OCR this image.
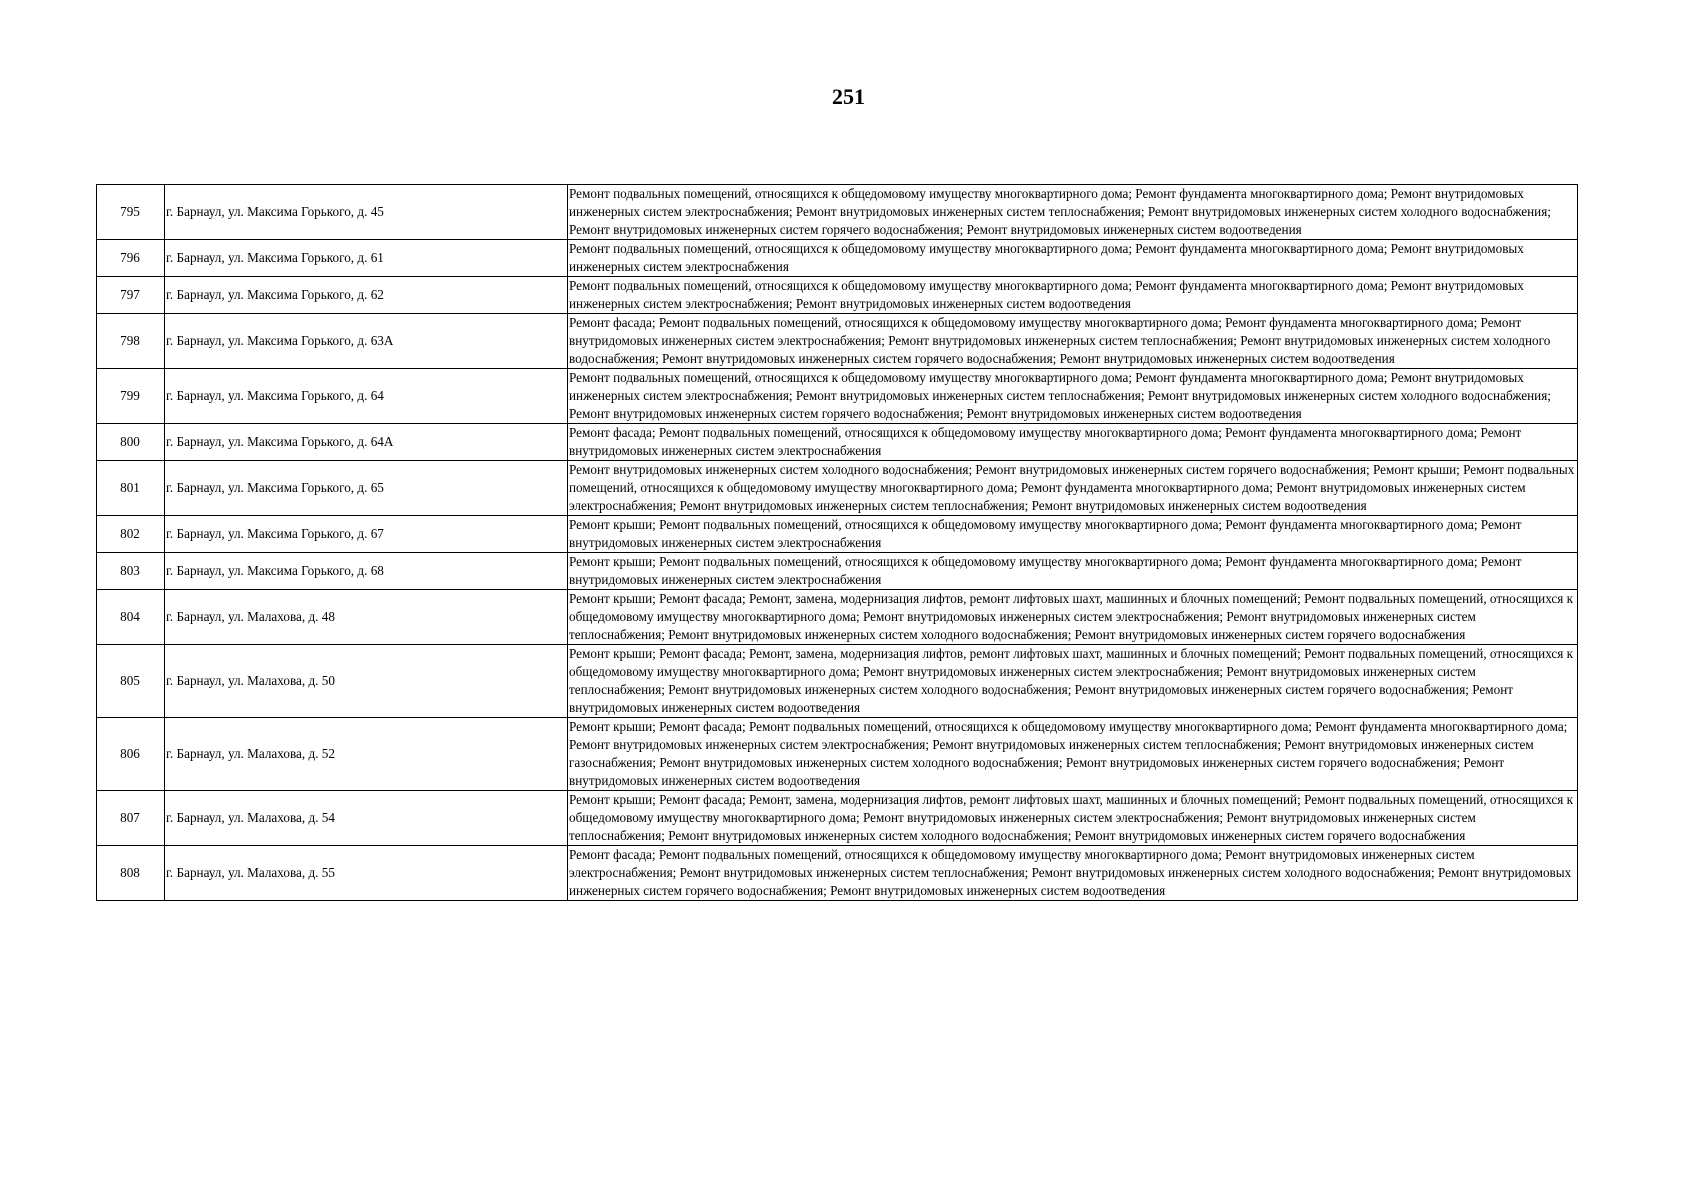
251
795	г. Барнаул, ул. Максима Горького, д. 45	Ремонт подвальных помещений, относящихся к общедомовому имуществу многоквартирного дома; Ремонт фундамента многоквартирного дома; Ремонт внутридомовых инженерных систем электроснабжения; Ремонт внутридомовых инженерных систем теплоснабжения; Ремонт внутридомовых инженерных систем холодного водоснабжения; Ремонт внутридомовых инженерных систем горячего водоснабжения; Ремонт внутридомовых инженерных систем водоотведения
796	г. Барнаул, ул. Максима Горького, д. 61	Ремонт подвальных помещений, относящихся к общедомовому имуществу многоквартирного дома; Ремонт фундамента многоквартирного дома; Ремонт внутридомовых инженерных систем электроснабжения
797	г. Барнаул, ул. Максима Горького, д. 62	Ремонт подвальных помещений, относящихся к общедомовому имуществу многоквартирного дома; Ремонт фундамента многоквартирного дома; Ремонт внутридомовых инженерных систем электроснабжения; Ремонт внутридомовых инженерных систем водоотведения
798	г. Барнаул, ул. Максима Горького, д. 63А	Ремонт фасада; Ремонт подвальных помещений, относящихся к общедомовому имуществу многоквартирного дома; Ремонт фундамента многоквартирного дома; Ремонт внутридомовых инженерных систем электроснабжения; Ремонт внутридомовых инженерных систем теплоснабжения; Ремонт внутридомовых инженерных систем холодного водоснабжения; Ремонт внутридомовых инженерных систем горячего водоснабжения; Ремонт внутридомовых инженерных систем водоотведения
799	г. Барнаул, ул. Максима Горького, д. 64	Ремонт подвальных помещений, относящихся к общедомовому имуществу многоквартирного дома; Ремонт фундамента многоквартирного дома; Ремонт внутридомовых инженерных систем электроснабжения; Ремонт внутридомовых инженерных систем теплоснабжения; Ремонт внутридомовых инженерных систем холодного водоснабжения; Ремонт внутридомовых инженерных систем горячего водоснабжения; Ремонт внутридомовых инженерных систем водоотведения
800	г. Барнаул, ул. Максима Горького, д. 64А	Ремонт фасада; Ремонт подвальных помещений, относящихся к общедомовому имуществу многоквартирного дома; Ремонт фундамента многоквартирного дома; Ремонт внутридомовых инженерных систем электроснабжения
801	г. Барнаул, ул. Максима Горького, д. 65	Ремонт внутридомовых инженерных систем холодного водоснабжения; Ремонт внутридомовых инженерных систем горячего водоснабжения; Ремонт крыши; Ремонт подвальных помещений, относящихся к общедомовому имуществу многоквартирного дома; Ремонт фундамента многоквартирного дома; Ремонт внутридомовых инженерных систем электроснабжения; Ремонт внутридомовых инженерных систем теплоснабжения; Ремонт внутридомовых инженерных систем водоотведения
802	г. Барнаул, ул. Максима Горького, д. 67	Ремонт крыши; Ремонт подвальных помещений, относящихся к общедомовому имуществу многоквартирного дома; Ремонт фундамента многоквартирного дома; Ремонт внутридомовых инженерных систем электроснабжения
803	г. Барнаул, ул. Максима Горького, д. 68	Ремонт крыши; Ремонт подвальных помещений, относящихся к общедомовому имуществу многоквартирного дома; Ремонт фундамента многоквартирного дома; Ремонт внутридомовых инженерных систем электроснабжения
804	г. Барнаул, ул. Малахова, д. 48	Ремонт крыши; Ремонт фасада; Ремонт, замена, модернизация лифтов, ремонт лифтовых шахт, машинных и блочных помещений; Ремонт подвальных помещений, относящихся к общедомовому имуществу многоквартирного дома; Ремонт внутридомовых инженерных систем электроснабжения; Ремонт внутридомовых инженерных систем теплоснабжения; Ремонт внутридомовых инженерных систем холодного водоснабжения; Ремонт внутридомовых инженерных систем горячего водоснабжения
805	г. Барнаул, ул. Малахова, д. 50	Ремонт крыши; Ремонт фасада; Ремонт, замена, модернизация лифтов, ремонт лифтовых шахт, машинных и блочных помещений; Ремонт подвальных помещений, относящихся к общедомовому имуществу многоквартирного дома; Ремонт внутридомовых инженерных систем электроснабжения; Ремонт внутридомовых инженерных систем теплоснабжения; Ремонт внутридомовых инженерных систем холодного водоснабжения; Ремонт внутридомовых инженерных систем горячего водоснабжения; Ремонт внутридомовых инженерных систем водоотведения
806	г. Барнаул, ул. Малахова, д. 52	Ремонт крыши; Ремонт фасада; Ремонт подвальных помещений, относящихся к общедомовому имуществу многоквартирного дома; Ремонт фундамента многоквартирного дома; Ремонт внутридомовых инженерных систем электроснабжения; Ремонт внутридомовых инженерных систем теплоснабжения; Ремонт внутридомовых инженерных систем газоснабжения; Ремонт внутридомовых инженерных систем холодного водоснабжения; Ремонт внутридомовых инженерных систем горячего водоснабжения; Ремонт внутридомовых инженерных систем водоотведения
807	г. Барнаул, ул. Малахова, д. 54	Ремонт крыши; Ремонт фасада; Ремонт, замена, модернизация лифтов, ремонт лифтовых шахт, машинных и блочных помещений; Ремонт подвальных помещений, относящихся к общедомовому имуществу многоквартирного дома; Ремонт внутридомовых инженерных систем электроснабжения; Ремонт внутридомовых инженерных систем теплоснабжения; Ремонт внутридомовых инженерных систем холодного водоснабжения; Ремонт внутридомовых инженерных систем горячего водоснабжения
808	г. Барнаул, ул. Малахова, д. 55	Ремонт фасада; Ремонт подвальных помещений, относящихся к общедомовому имуществу многоквартирного дома; Ремонт внутридомовых инженерных систем электроснабжения; Ремонт внутридомовых инженерных систем теплоснабжения; Ремонт внутридомовых инженерных систем холодного водоснабжения; Ремонт внутридомовых инженерных систем горячего водоснабжения; Ремонт внутридомовых инженерных систем водоотведения
